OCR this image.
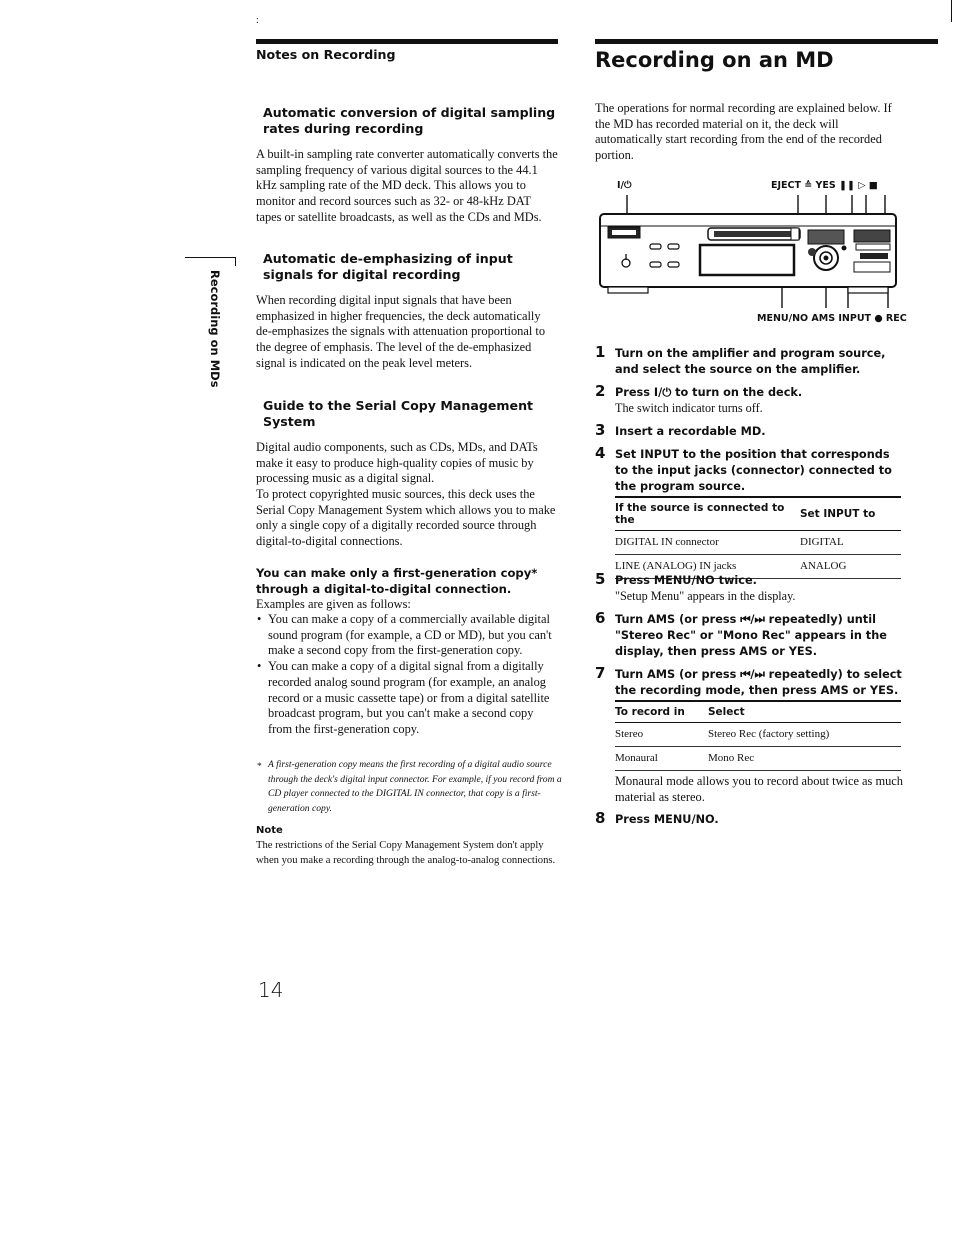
:
Notes on Recording
Automatic conversion of digital sampling rates during recording
A built-in sampling rate converter automatically converts the sampling frequency of various digital sources to the 44.1 kHz sampling rate of the MD deck. This allows you to monitor and record sources such as 32- or 48-kHz DAT tapes or satellite broadcasts, as well as the CDs and MDs.
Automatic de-emphasizing of input signals for digital recording
When recording digital input signals that have been emphasized in higher frequencies, the deck automatically de-emphasizes the signals with attenuation proportional to the degree of emphasis. The level of the de-emphasized signal is indicated on the peak level meters.
Guide to the Serial Copy Management System
Digital audio components, such as CDs, MDs, and DATs make it easy to produce high-quality copies of music by processing music as a digital signal.
To protect copyrighted music sources, this deck uses the Serial Copy Management System which allows you to make only a single copy of a digitally recorded source through digital-to-digital connections.
You can make only a first-generation copy* through a digital-to-digital connection.
Examples are given as follows:
• You can make a copy of a commercially available digital sound program (for example, a CD or MD), but you can't make a second copy from the first-generation copy.
• You can make a copy of a digital signal from a digitally recorded analog sound program (for example, an analog record or a music cassette tape) or from a digital satellite broadcast program, but you can't make a second copy from the first-generation copy.
* A first-generation copy means the first recording of a digital audio source through the deck's digital input connector. For example, if you record from a CD player connected to the DIGITAL IN connector, that copy is a first-generation copy.
Note
The restrictions of the Serial Copy Management System don't apply when you make a recording through the analog-to-analog connections.
14
Recording on MDs
Recording on an MD
The operations for normal recording are explained below. If the MD has recorded material on it, the deck will automatically start recording from the end of the recorded portion.
I/⏻	EJECT ≙ YES ❚❚ ▷ ■
MENU/NO AMS INPUT ● REC
1 Turn on the amplifier and program source, and select the source on the amplifier.
2 Press I/⏻ to turn on the deck.
The switch indicator turns off.
3 Insert a recordable MD.
4 Set INPUT to the position that corresponds to the input jacks (connector) connected to the program source.
If the source is connected to the	Set INPUT to
DIGITAL IN connector	DIGITAL
LINE (ANALOG) IN jacks	ANALOG
5 Press MENU/NO twice.
"Setup Menu" appears in the display.
6 Turn AMS (or press ⏮/⏭ repeatedly) until "Stereo Rec" or "Mono Rec" appears in the display, then press AMS or YES.
7 Turn AMS (or press ⏮/⏭ repeatedly) to select the recording mode, then press AMS or YES.
To record in	Select
Stereo	Stereo Rec (factory setting)
Monaural	Mono Rec
Monaural mode allows you to record about twice as much material as stereo.
8 Press MENU/NO.
